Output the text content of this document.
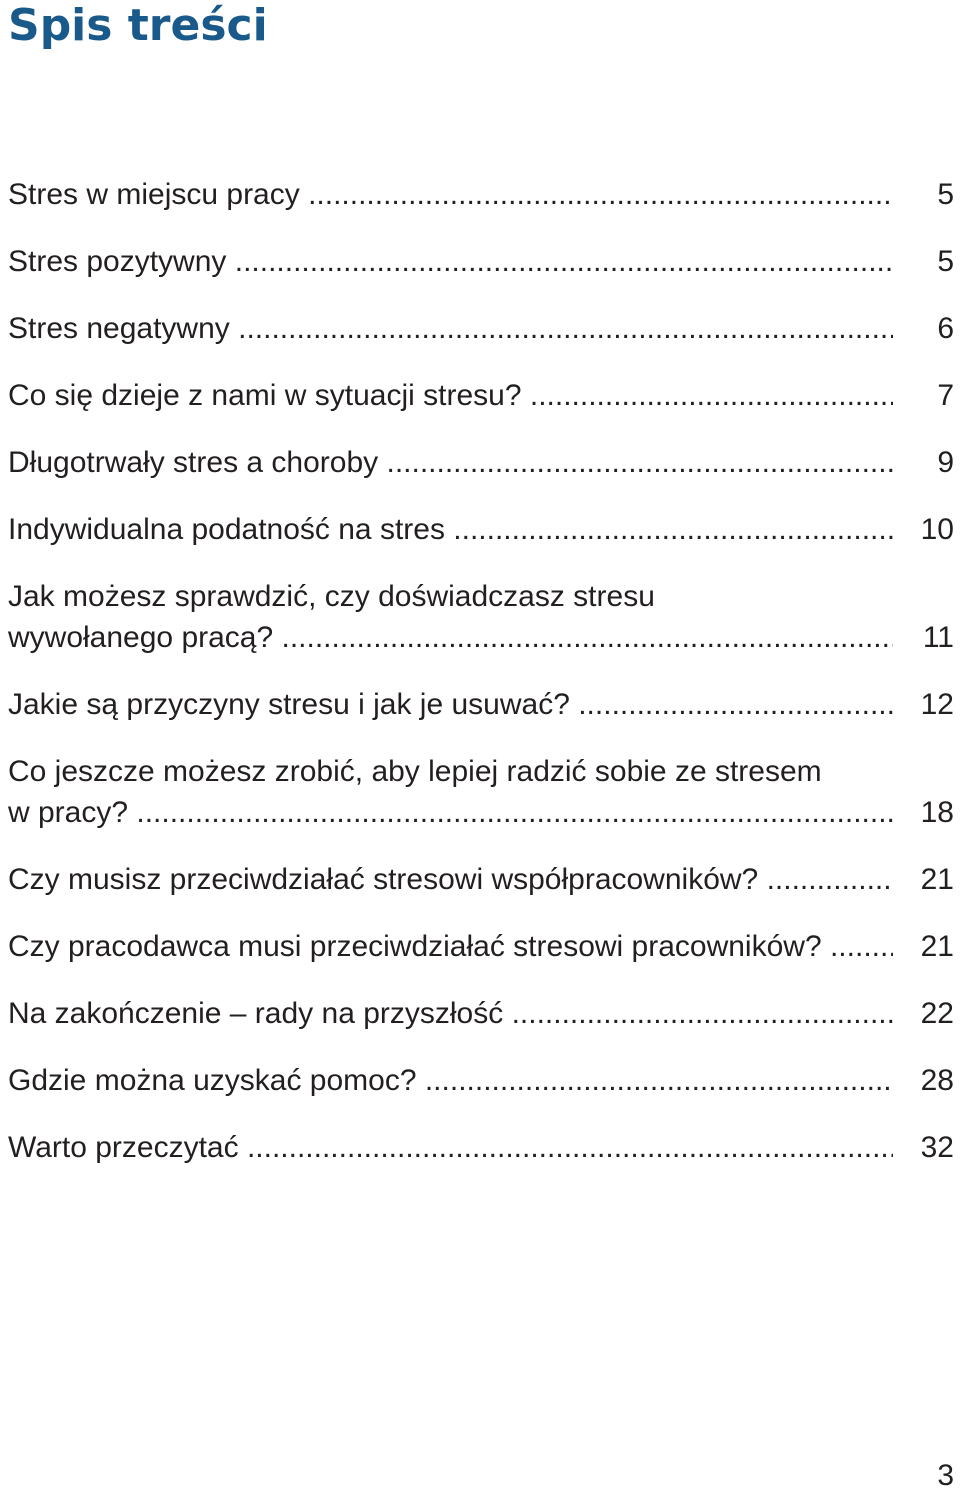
Spis treści
Stres w miejscu pracy .....	5
Stres pozytywny .....	5
Stres negatywny .....	6
Co się dzieje z nami w sytuacji stresu? .....	7
Długotrwały stres a choroby .....	9
Indywidualna podatność na stres .....	10
Jak możesz sprawdzić, czy doświadczasz stresu
wywołanego pracą? .....	11
Jakie są przyczyny stresu i jak je usuwać? .....	12
Co jeszcze możesz zrobić, aby lepiej radzić sobie ze stresem
w pracy? .....	18
Czy musisz przeciwdziałać stresowi współpracowników? .....	21
Czy pracodawca musi przeciwdziałać stresowi pracowników? .....	21
Na zakończenie – rady na przyszłość .....	22
Gdzie można uzyskać pomoc? .....	28
Warto przeczytać .....	32
3
